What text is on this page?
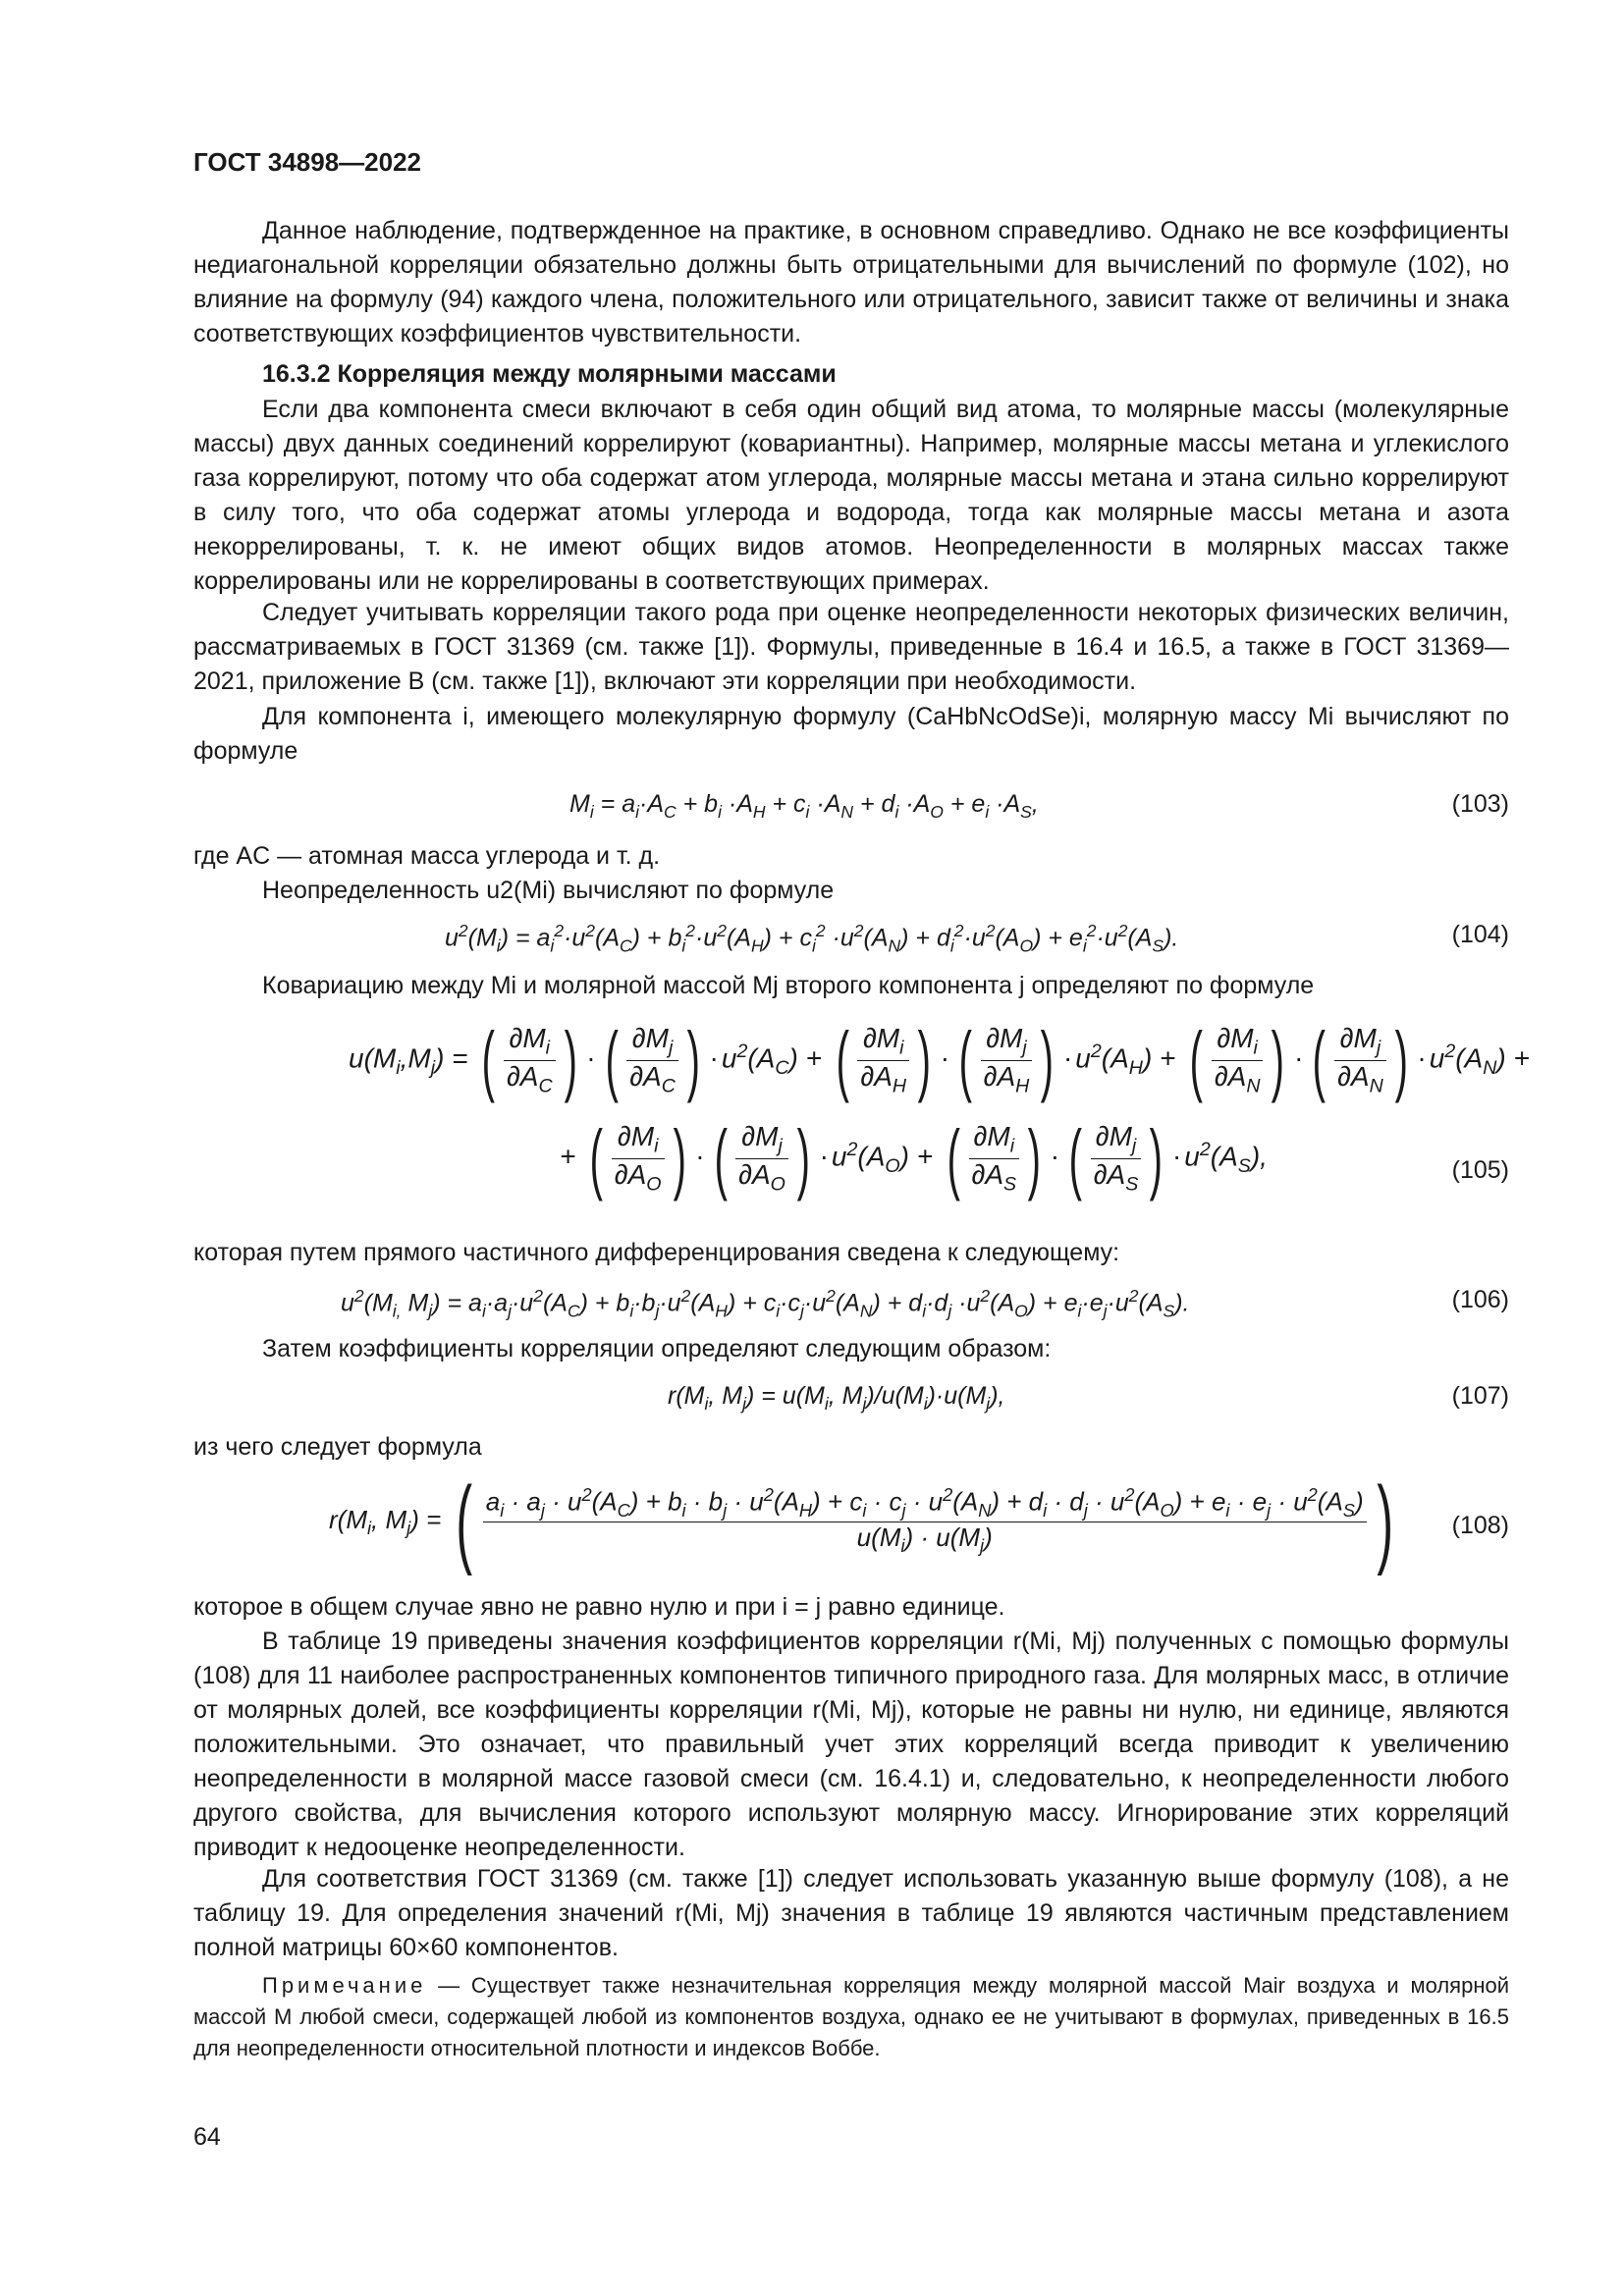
ГОСТ 34898—2022

Данное наблюдение, подтвержденное на практике, в основном справедливо. Однако не все коэффициенты недиагональной корреляции обязательно должны быть отрицательными для вычислений по формуле (102), но влияние на формулу (94) каждого члена, положительного или отрицательного, зависит также от величины и знака соответствующих коэффициентов чувствительности.

16.3.2 Корреляция между молярными массами

Если два компонента смеси включают в себя один общий вид атома, то молярные массы (молекулярные массы) двух данных соединений коррелируют (ковариантны). Например, молярные массы метана и углекислого газа коррелируют, потому что оба содержат атом углерода, молярные массы метана и этана сильно коррелируют в силу того, что оба содержат атомы углерода и водорода, тогда как молярные массы метана и азота некоррелированы, т. к. не имеют общих видов атомов. Неопределенности в молярных массах также коррелированы или не коррелированы в соответствующих примерах.

Следует учитывать корреляции такого рода при оценке неопределенности некоторых физических величин, рассматриваемых в ГОСТ 31369 (см. также [1]). Формулы, приведенные в 16.4 и 16.5, а также в ГОСТ 31369—2021, приложение В (см. также [1]), включают эти корреляции при необходимости.

Для компонента i, имеющего молекулярную формулу (CaHbNcOdSe)i, молярную массу Mi вычисляют по формуле

$M_i = a_i\cdot A_C + b_i \cdot A_H + c_i \cdot A_N + d_i \cdot A_O + e_i \cdot A_S$,	(103)
где AC — атомная масса углерода и т. д.
Неопределенность u2(Mi) вычисляют по формуле
$u^2(M_i) = a_i^2\cdot u^2(A_C) + b_i^2\cdot u^2(A_H) + c_i^2 \cdot u^2(A_N) + d_i^2\cdot u^2(A_O) + e_i^2\cdot u^2(A_S)$.	(104)
Ковариацию между Mi и молярной массой Mj второго компонента j определяют по формуле
$u(M_i,M_j)$ = ( $\frac{\partial M_i}{\partial A_C}$ ) · ( $\frac{\partial M_j}{\partial A_C}$ ) · $u^2(A_C)$ + ( $\frac{\partial M_i}{\partial A_H}$ ) · ( $\frac{\partial M_j}{\partial A_H}$ ) · $u^2(A_H)$ + ( $\frac{\partial M_i}{\partial A_N}$ ) · ( $\frac{\partial M_j}{\partial A_N}$ ) · $u^2(A_N)$ +
+ ( $\frac{\partial M_i}{\partial A_O}$ ) · ( $\frac{\partial M_j}{\partial A_O}$ ) · $u^2(A_O)$ + ( $\frac{\partial M_i}{\partial A_S}$ ) · ( $\frac{\partial M_j}{\partial A_S}$ ) · $u^2(A_S)$,	(105)
которая путем прямого частичного дифференцирования сведена к следующему:
$u^2(M_{i,}$ $M_j) = a_i\cdot a_j\cdot u^2(A_C) + b_i\cdot b_j\cdot u^2(A_H) + c_i\cdot c_j\cdot u^2(A_N) + d_i\cdot d_j \cdot u^2(A_O) + e_i\cdot e_j\cdot u^2(A_S)$.	(106)
Затем коэффициенты корреляции определяют следующим образом:
$r(M_i$, $M_j) = u(M_i$, $M_j)/u(M_i)\cdot u(M_j)$,	(107)
из чего следует формула
$r(M_i$, $M_j$) = ( $a_i \cdot a_j \cdot u^2(A_C) + b_i \cdot b_j \cdot u^2(A_H) + c_i \cdot c_j \cdot u^2(A_N) + d_i \cdot d_j \cdot u^2(A_O) + e_i \cdot e_j \cdot u^2(A_S)$
$u(M_i) \cdot u(M_j)$	)	(108)
которое в общем случае явно не равно нулю и при i = j равно единице.

В таблице 19 приведены значения коэффициентов корреляции r(Mi, Mj) полученных с помощью формулы (108) для 11 наиболее распространенных компонентов типичного природного газа. Для молярных масс, в отличие от молярных долей, все коэффициенты корреляции r(Mi, Mj), которые не равны ни нулю, ни единице, являются положительными. Это означает, что правильный учет этих корреляций всегда приводит к увеличению неопределенности в молярной массе газовой смеси (см. 16.4.1) и, следовательно, к неопределенности любого другого свойства, для вычисления которого используют молярную массу. Игнорирование этих корреляций приводит к недооценке неопределенности.

Для соответствия ГОСТ 31369 (см. также [1]) следует использовать указанную выше формулу (108), а не таблицу 19. Для определения значений r(Mi, Mj) значения в таблице 19 являются частичным представлением полной матрицы 60×60 компонентов.

Примечание — Существует также незначительная корреляция между молярной массой Mair воздуха и молярной массой M любой смеси, содержащей любой из компонентов воздуха, однако ее не учитывают в формулах, приведенных в 16.5 для неопределенности относительной плотности и индексов Воббе.

64
